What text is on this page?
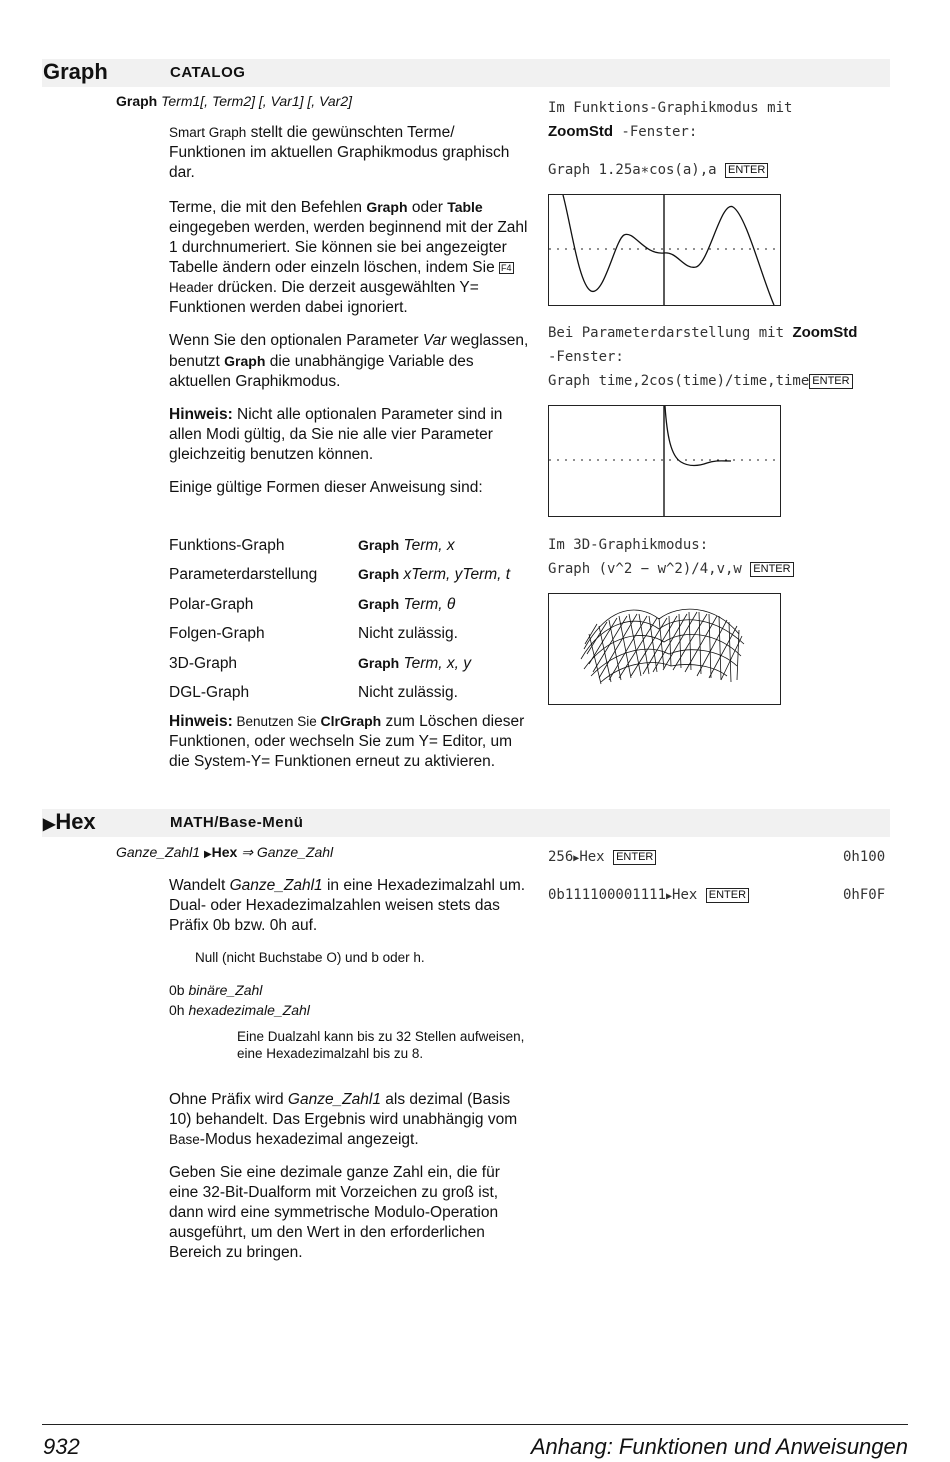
Graph	CATALOG
Graph Term1[, Term2] [, Var1] [, Var2]

Smart Graph stellt die gewünschten Terme/ Funktionen im aktuellen Graphikmodus graphisch dar.

Terme, die mit den Befehlen Graph oder Table eingegeben werden, werden beginnend mit der Zahl 1 durchnumeriert. Sie können sie bei angezeigter Tabelle ändern oder einzeln löschen, indem Sie F4 Header drücken. Die derzeit ausgewählten Y= Funktionen werden dabei ignoriert.

Wenn Sie den optionalen Parameter Var weglassen, benutzt Graph die unabhängige Variable des aktuellen Graphikmodus.

Hinweis: Nicht alle optionalen Parameter sind in allen Modi gültig, da Sie nie alle vier Parameter gleichzeitig benutzen können.

Einige gültige Formen dieser Anweisung sind:

Funktions-Graph	Graph Term, x
Parameterdarstellung	Graph xTerm, yTerm, t
Polar-Graph	Graph Term, θ
Folgen-Graph	Nicht zulässig.
3D-Graph	Graph Term, x, y
DGL-Graph	Nicht zulässig.

Hinweis: Benutzen Sie ClrGraph zum Löschen dieser Funktionen, oder wechseln Sie zum Y= Editor, um die System-Y= Funktionen erneut zu aktivieren.

Im Funktions-Graphikmodus mit
ZoomStd -Fenster:
Graph 1.25a∗cos(a),a ENTER
Bei Parameterdarstellung mit ZoomStd
-Fenster:
Graph time,2cos(time)/time,time ENTER
Im 3D-Graphikmodus:
Graph (v^2 − w^2)/4,v,w ENTER
▶Hex	MATH/Base-Menü
Ganze_Zahl1 ▶Hex ⇒ Ganze_Zahl

Wandelt Ganze_Zahl1 in eine Hexadezimalzahl um. Dual- oder Hexadezimalzahlen weisen stets das Präfix 0b bzw. 0h auf.

Null (nicht Buchstabe O) und b oder h.
0b binäre_Zahl
0h hexadezimale_Zahl
Eine Dualzahl kann bis zu 32 Stellen aufweisen, eine Hexadezimalzahl bis zu 8.

Ohne Präfix wird Ganze_Zahl1 als dezimal (Basis 10) behandelt. Das Ergebnis wird unabhängig vom Base-Modus hexadezimal angezeigt.

Geben Sie eine dezimale ganze Zahl ein, die für eine 32-Bit-Dualform mit Vorzeichen zu groß ist, dann wird eine symmetrische Modulo-Operation ausgeführt, um den Wert in den erforderlichen Bereich zu bringen.

256▶Hex ENTER	0h100
0b111100001111▶Hex ENTER	0hF0F
932	Anhang: Funktionen und Anweisungen
